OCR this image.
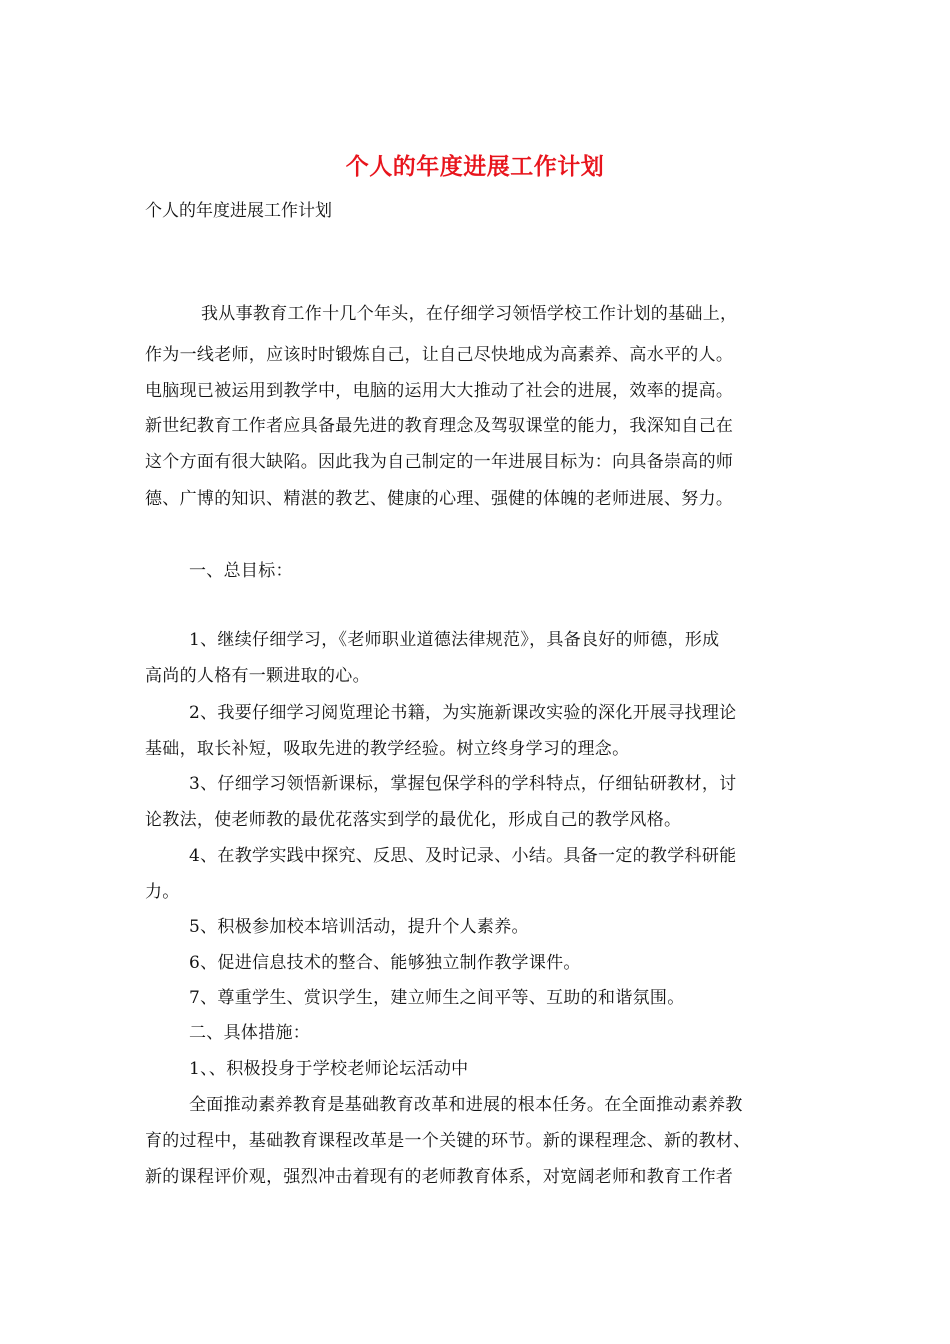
个人的年度进展工作计划
个人的年度进展工作计划
我从事教育工作十几个年头，在仔细学习领悟学校工作计划的基础上，
作为一线老师，应该时时锻炼自己，让自己尽快地成为高素养、高水平的人。
电脑现已被运用到教学中，电脑的运用大大推动了社会的进展，效率的提高。
新世纪教育工作者应具备最先进的教育理念及驾驭课堂的能力，我深知自己在
这个方面有很大缺陷。因此我为自己制定的一年进展目标为：向具备崇高的师
德、广博的知识、精湛的教艺、健康的心理、强健的体魄的老师进展、努力。
一、总目标：
1、继续仔细学习，《老师职业道德法律规范》，具备良好的师德，形成
高尚的人格有一颗进取的心。
2、我要仔细学习阅览理论书籍，为实施新课改实验的深化开展寻找理论
基础，取长补短，吸取先进的教学经验。树立终身学习的理念。
3、仔细学习领悟新课标，掌握包保学科的学科特点，仔细钻研教材，讨
论教法，使老师教的最优花落实到学的最优化，形成自己的教学风格。
4、在教学实践中探究、反思、及时记录、小结。具备一定的教学科研能
力。
5、积极参加校本培训活动，提升个人素养。
6、促进信息技术的整合、能够独立制作教学课件。
7、尊重学生、赏识学生，建立师生之间平等、互助的和谐氛围。
二、具体措施：
1、、积极投身于学校老师论坛活动中
全面推动素养教育是基础教育改革和进展的根本任务。在全面推动素养教
育的过程中，基础教育课程改革是一个关键的环节。新的课程理念、新的教材、
新的课程评价观，强烈冲击着现有的老师教育体系，对宽阔老师和教育工作者
